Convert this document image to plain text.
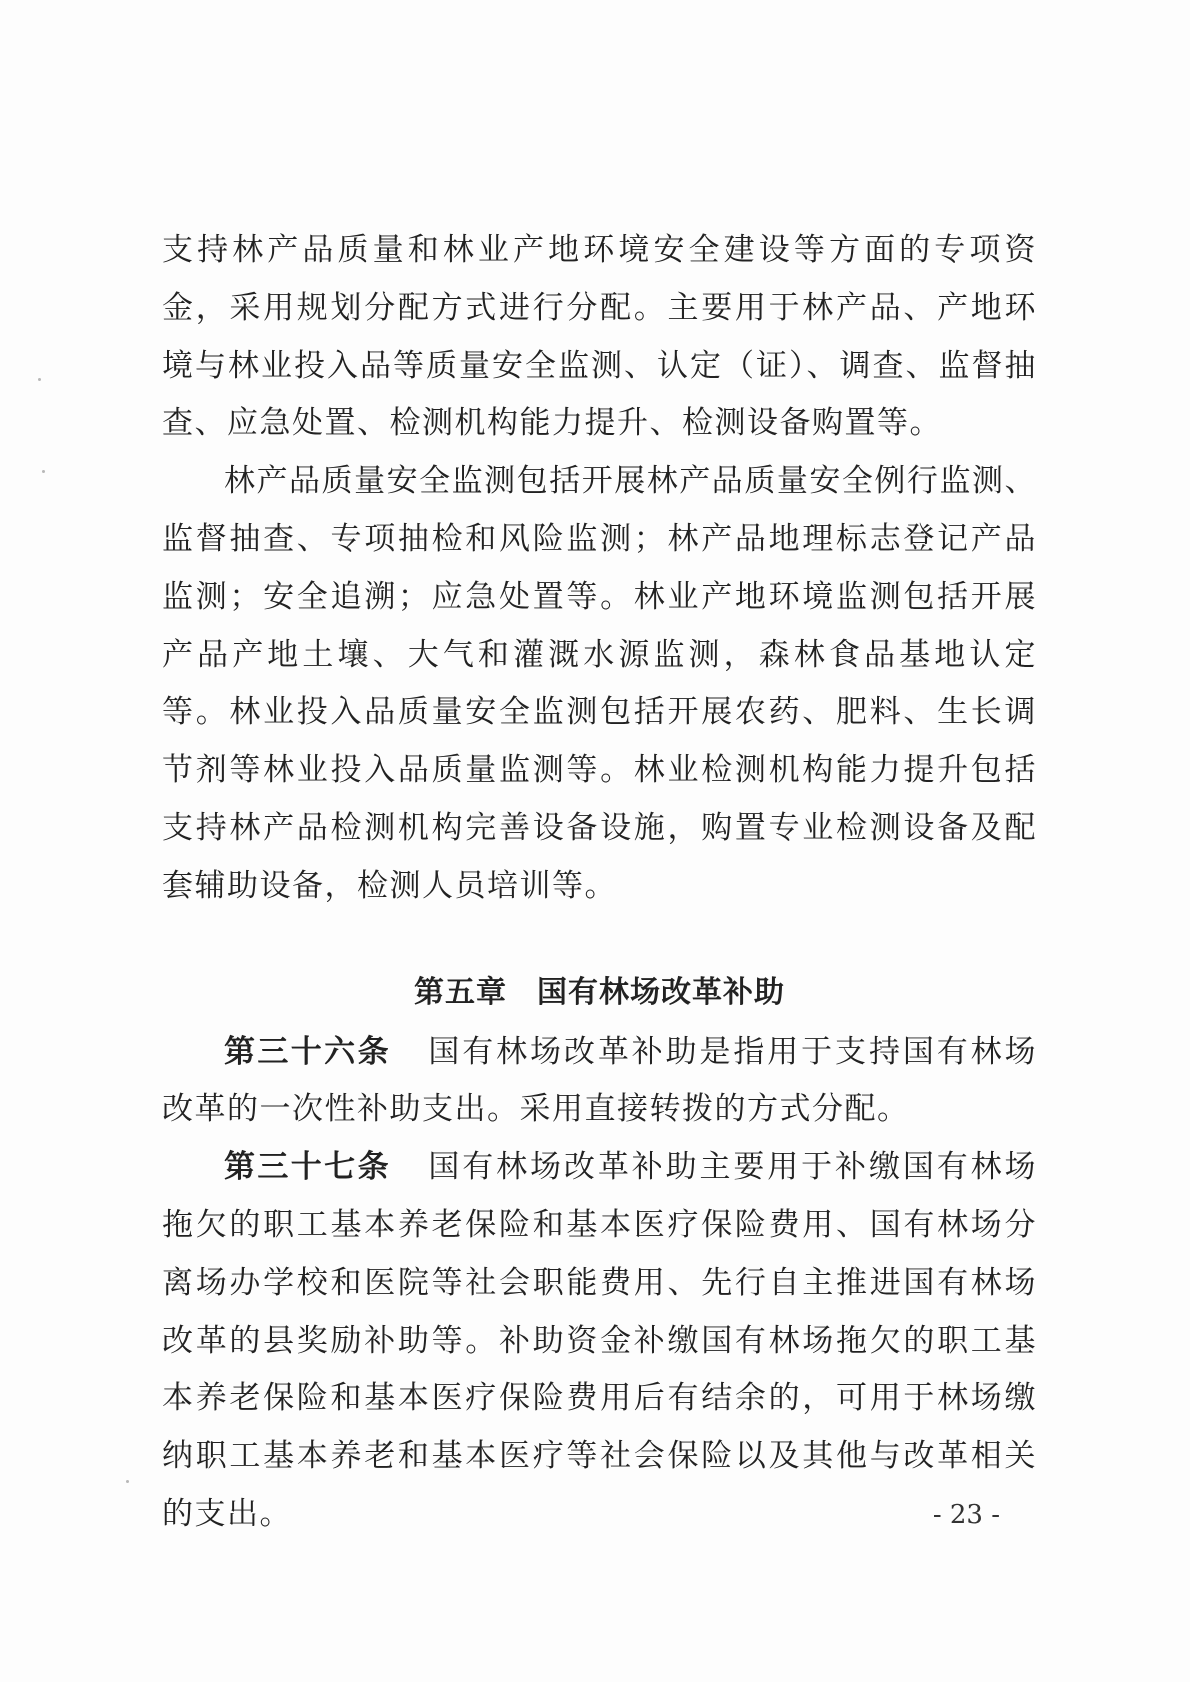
支持林产品质量和林业产地环境安全建设等方面的专项资金，采用规划分配方式进行分配。主要用于林产品、产地环境与林业投入品等质量安全监测、认定（证）、调查、监督抽查、应急处置、检测机构能力提升、检测设备购置等。

林产品质量安全监测包括开展林产品质量安全例行监测、监督抽查、专项抽检和风险监测；林产品地理标志登记产品监测；安全追溯；应急处置等。林业产地环境监测包括开展产品产地土壤、大气和灌溉水源监测，森林食品基地认定等。林业投入品质量安全监测包括开展农药、肥料、生长调节剂等林业投入品质量监测等。林业检测机构能力提升包括支持林产品检测机构完善设备设施，购置专业检测设备及配套辅助设备，检测人员培训等。

第五章 国有林场改革补助

第三十六条 国有林场改革补助是指用于支持国有林场改革的一次性补助支出。采用直接转拨的方式分配。

第三十七条 国有林场改革补助主要用于补缴国有林场拖欠的职工基本养老保险和基本医疗保险费用、国有林场分离场办学校和医院等社会职能费用、先行自主推进国有林场改革的县奖励补助等。补助资金补缴国有林场拖欠的职工基本养老保险和基本医疗保险费用后有结余的，可用于林场缴纳职工基本养老和基本医疗等社会保险以及其他与改革相关的支出。	- 23 -
